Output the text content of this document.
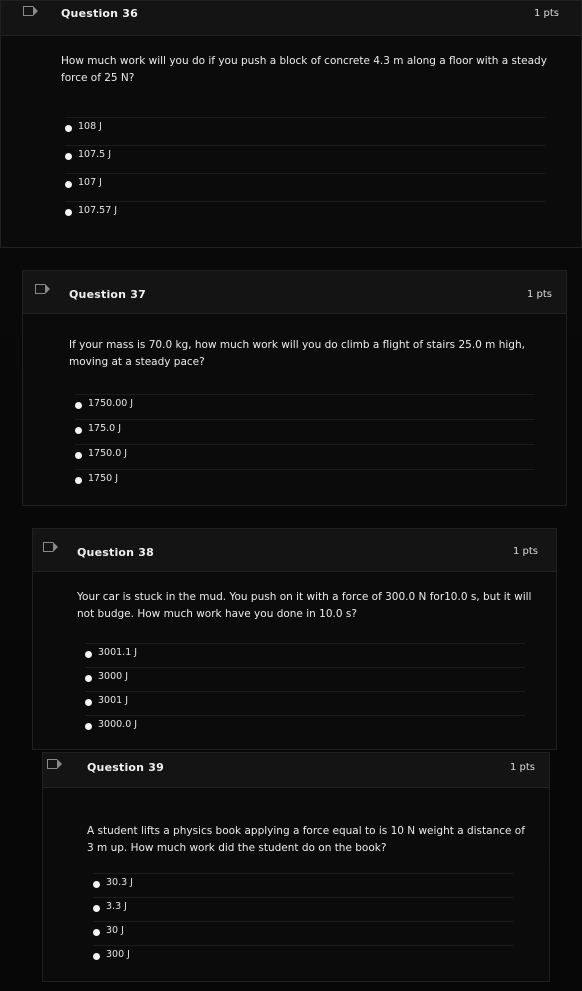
Question 36	1 pts
How much work will you do if you push a block of concrete 4.3 m along a floor with a steady force of 25 N?
108 J
107.5 J
107 J
107.57 J
Question 37	1 pts
If your mass is 70.0 kg, how much work will you do climb a flight of stairs 25.0 m high, moving at a steady pace?
1750.00 J
175.0 J
1750.0 J
1750 J
Question 38	1 pts
Your car is stuck in the mud. You push on it with a force of 300.0 N for10.0 s, but it will not budge. How much work have you done in 10.0 s?
3001.1 J
3000 J
3001 J
3000.0 J
Question 39	1 pts
A student lifts a physics book applying a force equal to is 10 N weight a distance of 3 m up. How much work did the student do on the book?
30.3 J
3.3 J
30 J
300 J
